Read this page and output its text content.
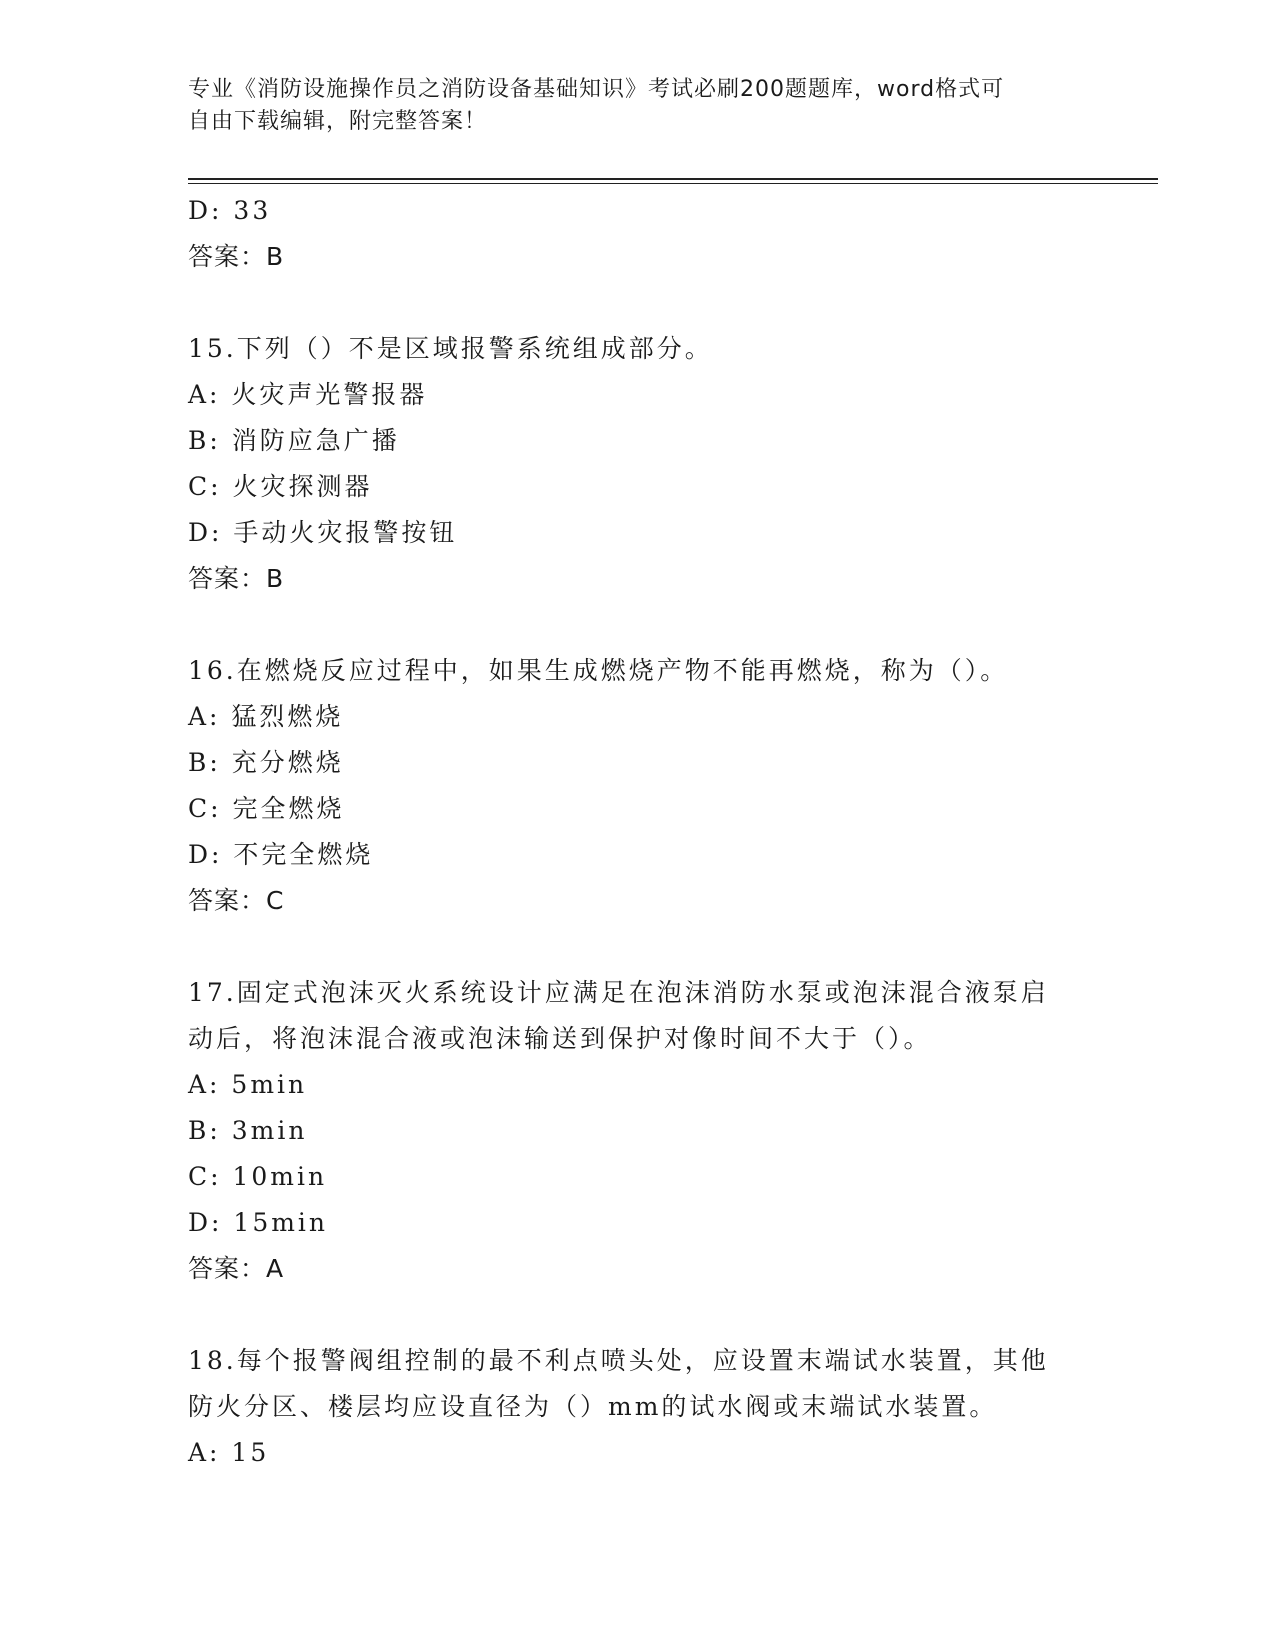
专业《消防设施操作员之消防设备基础知识》考试必刷200题题库，word格式可
自由下载编辑，附完整答案！
D: 33
答案：B
15.下列（）不是区域报警系统组成部分。
A: 火灾声光警报器
B: 消防应急广播
C: 火灾探测器
D: 手动火灾报警按钮
答案：B
16.在燃烧反应过程中，如果生成燃烧产物不能再燃烧，称为（）。
A: 猛烈燃烧
B: 充分燃烧
C: 完全燃烧
D: 不完全燃烧
答案：C
17.固定式泡沫灭火系统设计应满足在泡沫消防水泵或泡沫混合液泵启
动后，将泡沫混合液或泡沫输送到保护对像时间不大于（）。
A: 5min
B: 3min
C: 10min
D: 15min
答案：A
18.每个报警阀组控制的最不利点喷头处，应设置末端试水装置，其他
防火分区、楼层均应设直径为（）mm的试水阀或末端试水装置。
A: 15
